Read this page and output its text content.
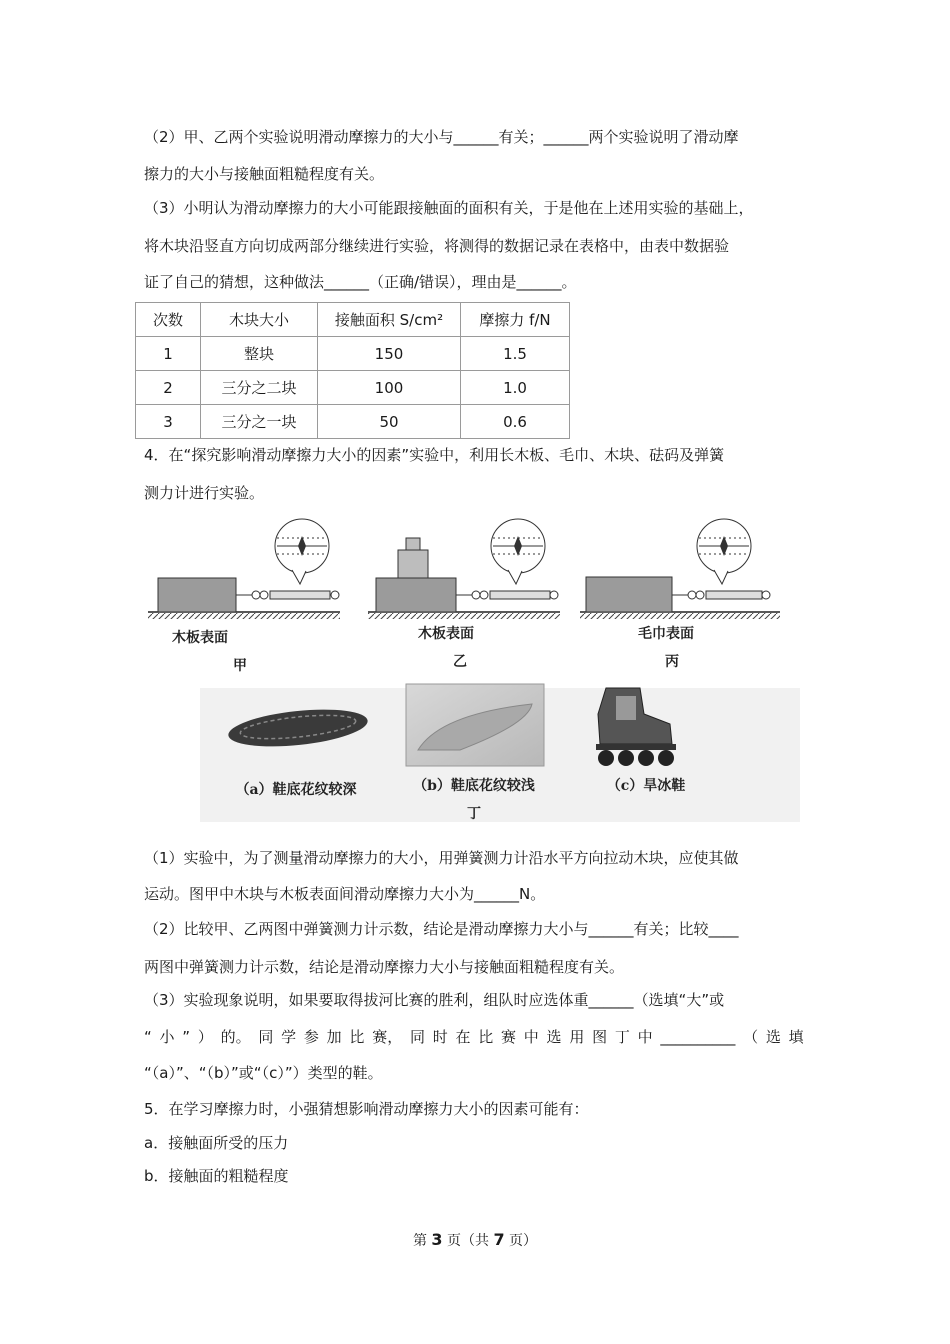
（2）甲、乙两个实验说明滑动摩擦力的大小与______有关；______两个实验说明了滑动摩
擦力的大小与接触面粗糙程度有关。
（3）小明认为滑动摩擦力的大小可能跟接触面的面积有关，于是他在上述用实验的基础上，
将木块沿竖直方向切成两部分继续进行实验，将测得的数据记录在表格中，由表中数据验
证了自己的猜想，这种做法______（正确/错误），理由是______。
次数	木块大小	接触面积 S/cm²	摩擦力 f/N
1	整块	150	1.5
2	三分之二块	100	1.0
3	三分之一块	50	0.6
4．在“探究影响滑动摩擦力大小的因素”实验中，利用长木板、毛巾、木块、砝码及弹簧
测力计进行实验。
木板表面
甲
木板表面
乙
毛巾表面
丙
（a）鞋底花纹较深	（b）鞋底花纹较浅	（c）旱冰鞋
丁
（1）实验中，为了测量滑动摩擦力的大小，用弹簧测力计沿水平方向拉动木块，应使其做
运动。图甲中木块与木板表面间滑动摩擦力大小为______N。
（2）比较甲、乙两图中弹簧测力计示数，结论是滑动摩擦力大小与______有关；比较____
两图中弹簧测力计示数，结论是滑动摩擦力大小与接触面粗糙程度有关。
（3）实验现象说明，如果要取得拔河比赛的胜利，组队时应选体重______（选填“大”或
“ 小 ” ） 的。 同 学 参 加 比 赛， 同 时 在 比 赛 中 选 用 图 丁 中 __________ （ 选 填
“（a）”、“（b）”或“（c）”）类型的鞋。
5．在学习摩擦力时，小强猜想影响滑动摩擦力大小的因素可能有：
a．接触面所受的压力
b．接触面的粗糙程度
第 3 页（共 7 页）
